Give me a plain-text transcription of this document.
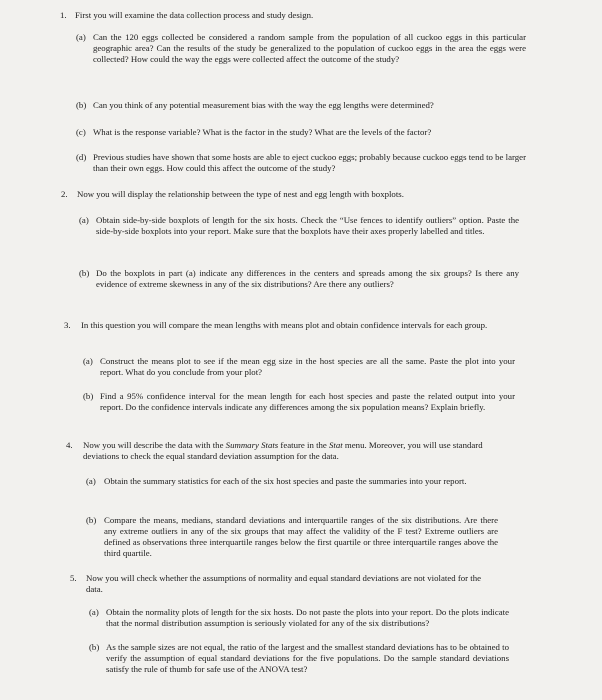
1. First you will examine the data collection process and study design.
(a) Can the 120 eggs collected be considered a random sample from the population of all cuckoo eggs in this particular geographic area? Can the results of the study be generalized to the population of cuckoo eggs in the area the eggs were collected? How could the way the eggs were collected affect the outcome of the study?
(b) Can you think of any potential measurement bias with the way the egg lengths were determined?
(c) What is the response variable? What is the factor in the study? What are the levels of the factor?
(d) Previous studies have shown that some hosts are able to eject cuckoo eggs; probably because cuckoo eggs tend to be larger than their own eggs. How could this affect the outcome of the study?
2. Now you will display the relationship between the type of nest and egg length with boxplots.
(a) Obtain side-by-side boxplots of length for the six hosts. Check the “Use fences to identify outliers” option. Paste the side-by-side boxplots into your report. Make sure that the boxplots have their axes properly labelled and titles.
(b) Do the boxplots in part (a) indicate any differences in the centers and spreads among the six groups? Is there any evidence of extreme skewness in any of the six distributions? Are there any outliers?
3. In this question you will compare the mean lengths with means plot and obtain confidence intervals for each group.
(a) Construct the means plot to see if the mean egg size in the host species are all the same. Paste the plot into your report. What do you conclude from your plot?
(b) Find a 95% confidence interval for the mean length for each host species and paste the related output into your report. Do the confidence intervals indicate any differences among the six population means? Explain briefly.
4. Now you will describe the data with the Summary Stats feature in the Stat menu. Moreover, you will use standard deviations to check the equal standard deviation assumption for the data.
(a) Obtain the summary statistics for each of the six host species and paste the summaries into your report.
(b) Compare the means, medians, standard deviations and interquartile ranges of the six distributions. Are there any extreme outliers in any of the six groups that may affect the validity of the F test? Extreme outliers are defined as observations three interquartile ranges below the first quartile or three interquartile ranges above the third quartile.
5. Now you will check whether the assumptions of normality and equal standard deviations are not violated for the data.
(a) Obtain the normality plots of length for the six hosts. Do not paste the plots into your report. Do the plots indicate that the normal distribution assumption is seriously violated for any of the six distributions?
(b) As the sample sizes are not equal, the ratio of the largest and the smallest standard deviations has to be obtained to verify the assumption of equal standard deviations for the five populations. Do the sample standard deviations satisfy the rule of thumb for safe use of the ANOVA test?
